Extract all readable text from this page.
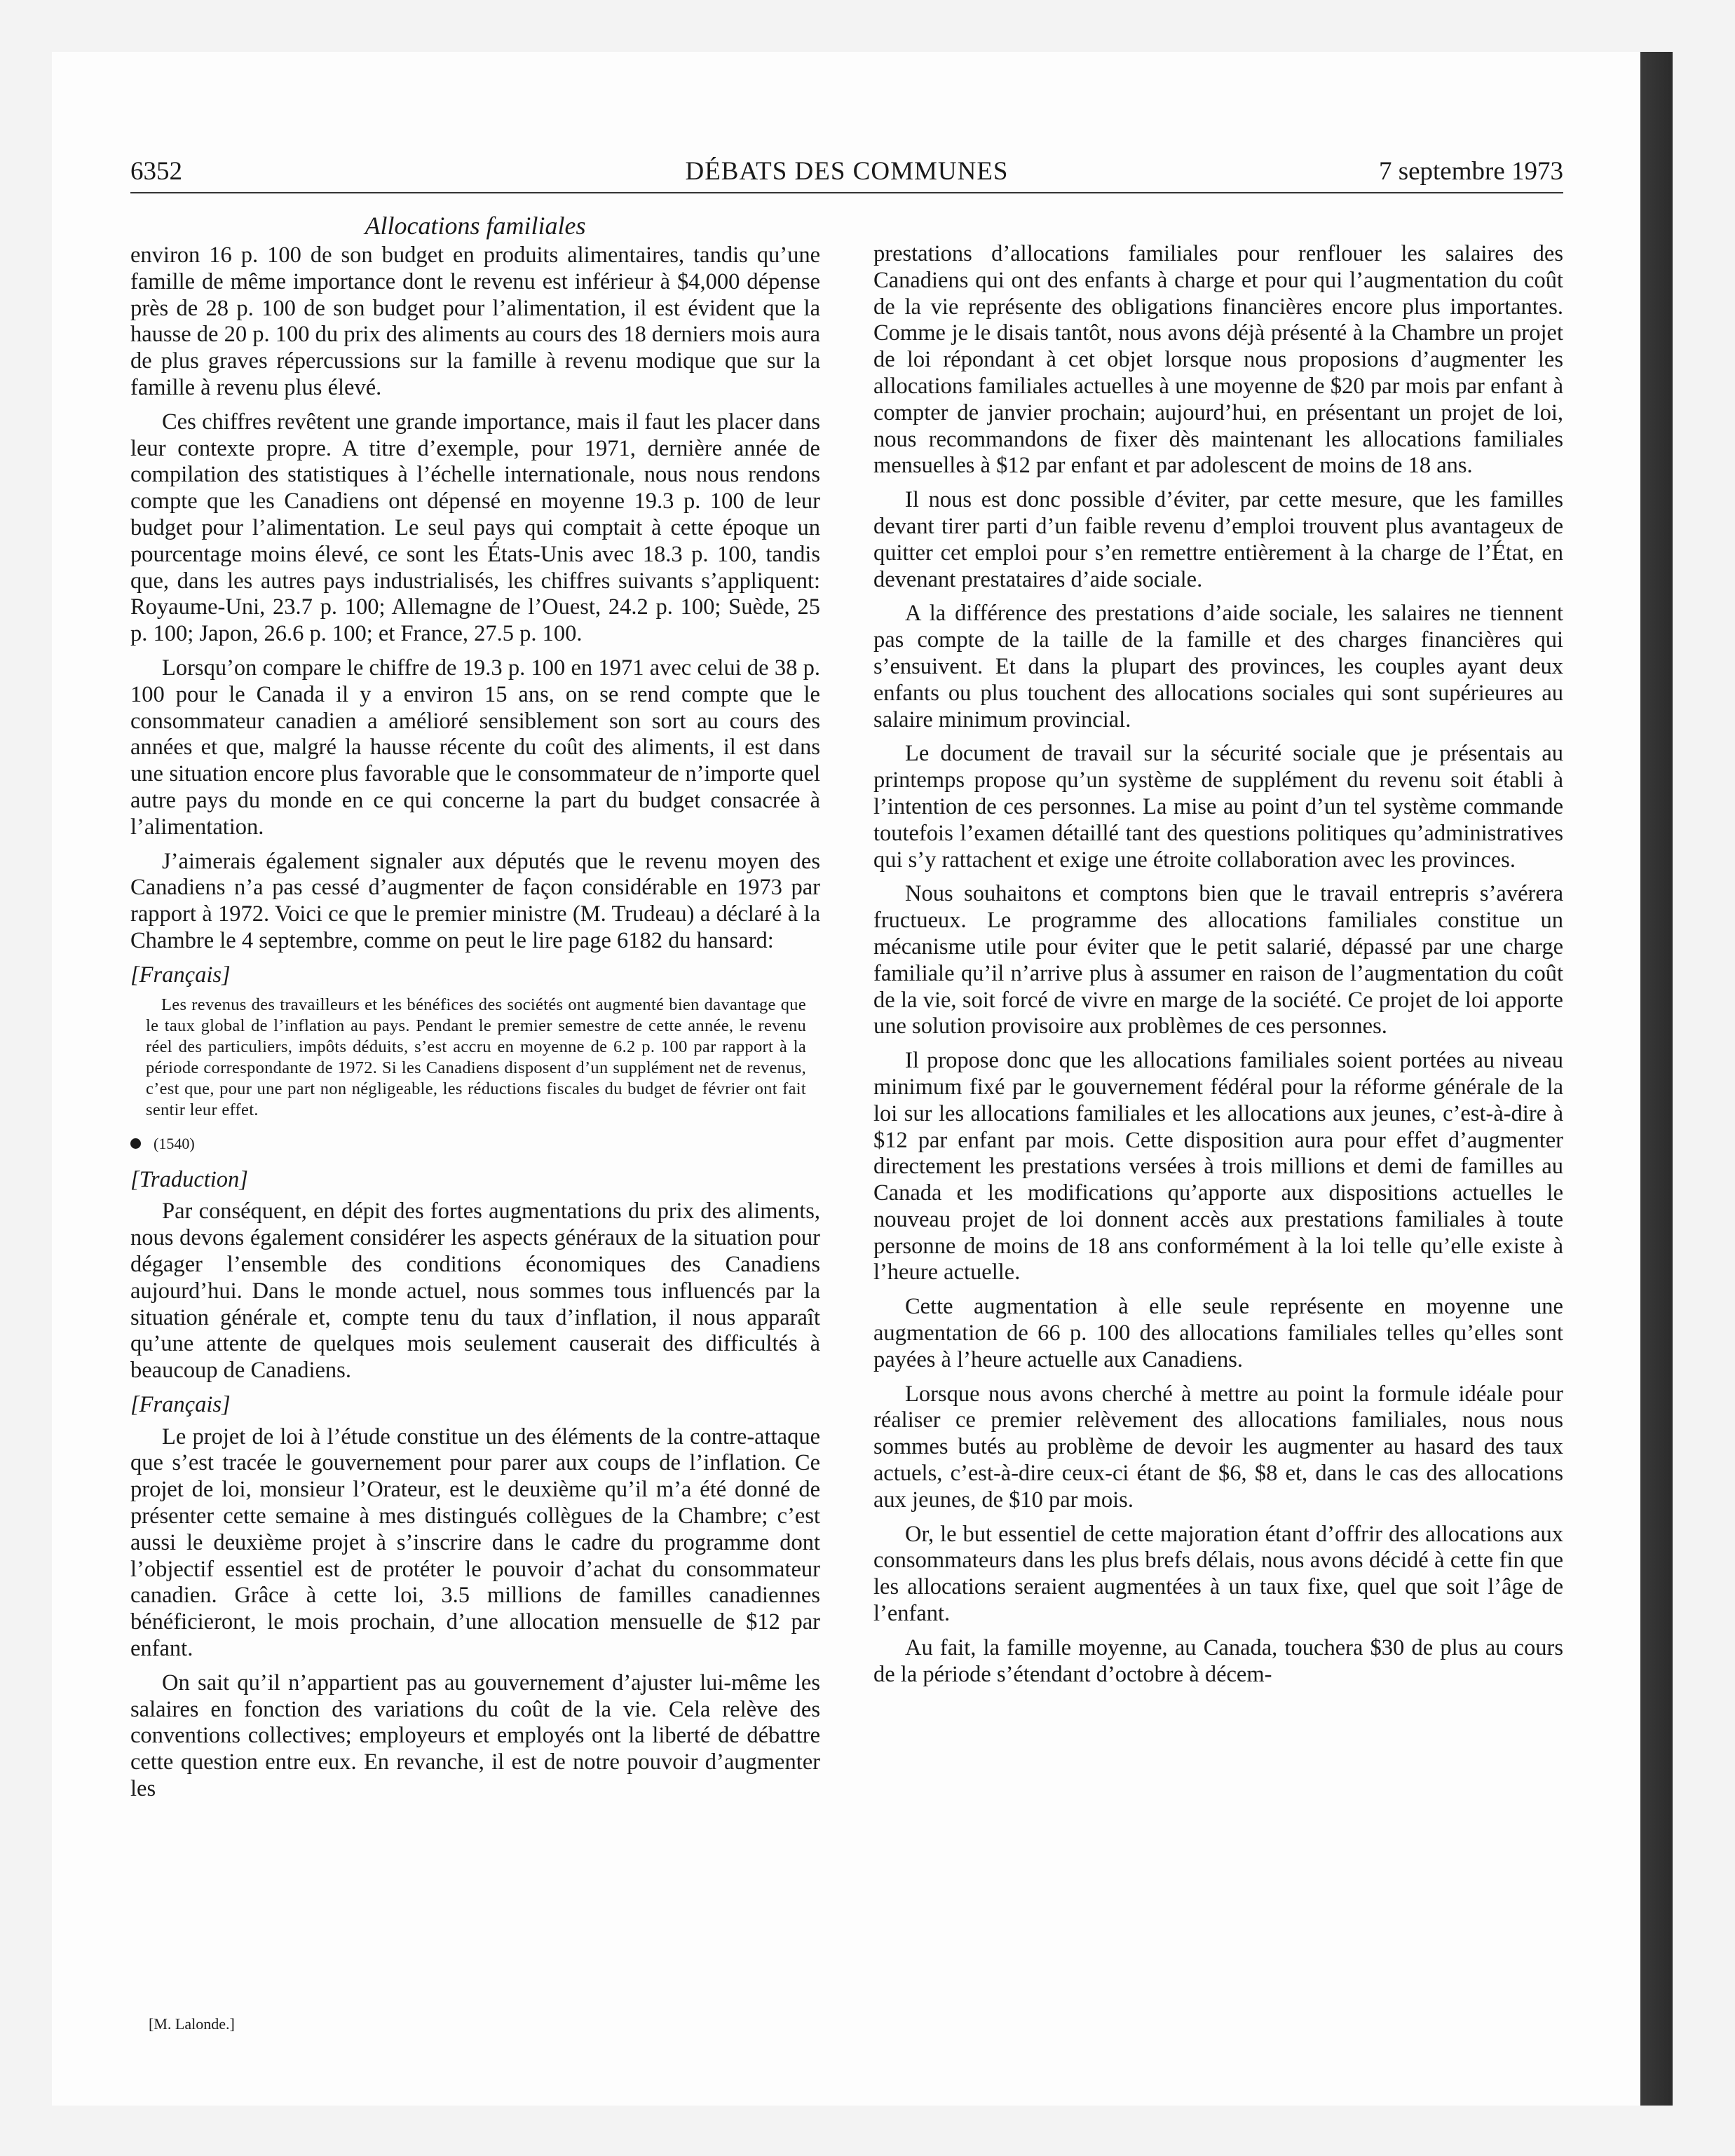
6352	DÉBATS DES COMMUNES	7 septembre 1973
Allocations familiales

environ 16 p. 100 de son budget en produits alimentaires, tandis qu’une famille de même importance dont le revenu est inférieur à $4,000 dépense près de 28 p. 100 de son budget pour l’alimentation, il est évident que la hausse de 20 p. 100 du prix des aliments au cours des 18 derniers mois aura de plus graves répercussions sur la famille à revenu modique que sur la famille à revenu plus élevé.

Ces chiffres revêtent une grande importance, mais il faut les placer dans leur contexte propre. A titre d’exemple, pour 1971, dernière année de compilation des statistiques à l’échelle internationale, nous nous rendons compte que les Canadiens ont dépensé en moyenne 19.3 p. 100 de leur budget pour l’alimentation. Le seul pays qui comptait à cette époque un pourcentage moins élevé, ce sont les États-Unis avec 18.3 p. 100, tandis que, dans les autres pays industrialisés, les chiffres suivants s’appliquent: Royaume-Uni, 23.7 p. 100; Allemagne de l’Ouest, 24.2 p. 100; Suède, 25 p. 100; Japon, 26.6 p. 100; et France, 27.5 p. 100.

Lorsqu’on compare le chiffre de 19.3 p. 100 en 1971 avec celui de 38 p. 100 pour le Canada il y a environ 15 ans, on se rend compte que le consommateur canadien a amélioré sensiblement son sort au cours des années et que, malgré la hausse récente du coût des aliments, il est dans une situation encore plus favorable que le consommateur de n’importe quel autre pays du monde en ce qui concerne la part du budget consacrée à l’alimentation.

J’aimerais également signaler aux députés que le revenu moyen des Canadiens n’a pas cessé d’augmenter de façon considérable en 1973 par rapport à 1972. Voici ce que le premier ministre (M. Trudeau) a déclaré à la Chambre le 4 septembre, comme on peut le lire page 6182 du hansard:

[Français]
Les revenus des travailleurs et les bénéfices des sociétés ont augmenté bien davantage que le taux global de l’inflation au pays. Pendant le premier semestre de cette année, le revenu réel des particuliers, impôts déduits, s’est accru en moyenne de 6.2 p. 100 par rapport à la période correspondante de 1972. Si les Canadiens disposent d’un supplément net de revenus, c’est que, pour une part non négligeable, les réductions fiscales du budget de février ont fait sentir leur effet.
(1540)
[Traduction]

Par conséquent, en dépit des fortes augmentations du prix des aliments, nous devons également considérer les aspects généraux de la situation pour dégager l’ensemble des conditions économiques des Canadiens aujourd’hui. Dans le monde actuel, nous sommes tous influencés par la situation générale et, compte tenu du taux d’inflation, il nous apparaît qu’une attente de quelques mois seulement causerait des difficultés à beaucoup de Canadiens.

[Français]

Le projet de loi à l’étude constitue un des éléments de la contre-attaque que s’est tracée le gouvernement pour parer aux coups de l’inflation. Ce projet de loi, monsieur l’Orateur, est le deuxième qu’il m’a été donné de présenter cette semaine à mes distingués collègues de la Chambre; c’est aussi le deuxième projet à s’inscrire dans le cadre du programme dont l’objectif essentiel est de protéter le pouvoir d’achat du consommateur canadien. Grâce à cette loi, 3.5 millions de familles canadiennes bénéficieront, le mois prochain, d’une allocation mensuelle de $12 par enfant.

On sait qu’il n’appartient pas au gouvernement d’ajuster lui-même les salaires en fonction des variations du coût de la vie. Cela relève des conventions collectives; employeurs et employés ont la liberté de débattre cette question entre eux. En revanche, il est de notre pouvoir d’augmenter les

prestations d’allocations familiales pour renflouer les salaires des Canadiens qui ont des enfants à charge et pour qui l’augmentation du coût de la vie représente des obligations financières encore plus importantes. Comme je le disais tantôt, nous avons déjà présenté à la Chambre un projet de loi répondant à cet objet lorsque nous proposions d’augmenter les allocations familiales actuelles à une moyenne de $20 par mois par enfant à compter de janvier prochain; aujourd’hui, en présentant un projet de loi, nous recommandons de fixer dès maintenant les allocations familiales mensuelles à $12 par enfant et par adolescent de moins de 18 ans.

Il nous est donc possible d’éviter, par cette mesure, que les familles devant tirer parti d’un faible revenu d’emploi trouvent plus avantageux de quitter cet emploi pour s’en remettre entièrement à la charge de l’État, en devenant prestataires d’aide sociale.

A la différence des prestations d’aide sociale, les salaires ne tiennent pas compte de la taille de la famille et des charges financières qui s’ensuivent. Et dans la plupart des provinces, les couples ayant deux enfants ou plus touchent des allocations sociales qui sont supérieures au salaire minimum provincial.

Le document de travail sur la sécurité sociale que je présentais au printemps propose qu’un système de supplément du revenu soit établi à l’intention de ces personnes. La mise au point d’un tel système commande toutefois l’examen détaillé tant des questions politiques qu’administratives qui s’y rattachent et exige une étroite collaboration avec les provinces.

Nous souhaitons et comptons bien que le travail entrepris s’avérera fructueux. Le programme des allocations familiales constitue un mécanisme utile pour éviter que le petit salarié, dépassé par une charge familiale qu’il n’arrive plus à assumer en raison de l’augmentation du coût de la vie, soit forcé de vivre en marge de la société. Ce projet de loi apporte une solution provisoire aux problèmes de ces personnes.

Il propose donc que les allocations familiales soient portées au niveau minimum fixé par le gouvernement fédéral pour la réforme générale de la loi sur les allocations familiales et les allocations aux jeunes, c’est-à-dire à $12 par enfant par mois. Cette disposition aura pour effet d’augmenter directement les prestations versées à trois millions et demi de familles au Canada et les modifications qu’apporte aux dispositions actuelles le nouveau projet de loi donnent accès aux prestations familiales à toute personne de moins de 18 ans conformément à la loi telle qu’elle existe à l’heure actuelle.

Cette augmentation à elle seule représente en moyenne une augmentation de 66 p. 100 des allocations familiales telles qu’elles sont payées à l’heure actuelle aux Canadiens.

Lorsque nous avons cherché à mettre au point la formule idéale pour réaliser ce premier relèvement des allocations familiales, nous nous sommes butés au problème de devoir les augmenter au hasard des taux actuels, c’est-à-dire ceux-ci étant de $6, $8 et, dans le cas des allocations aux jeunes, de $10 par mois.

Or, le but essentiel de cette majoration étant d’offrir des allocations aux consommateurs dans les plus brefs délais, nous avons décidé à cette fin que les allocations seraient augmentées à un taux fixe, quel que soit l’âge de l’enfant.

Au fait, la famille moyenne, au Canada, touchera $30 de plus au cours de la période s’étendant d’octobre à décem-

[M. Lalonde.]
